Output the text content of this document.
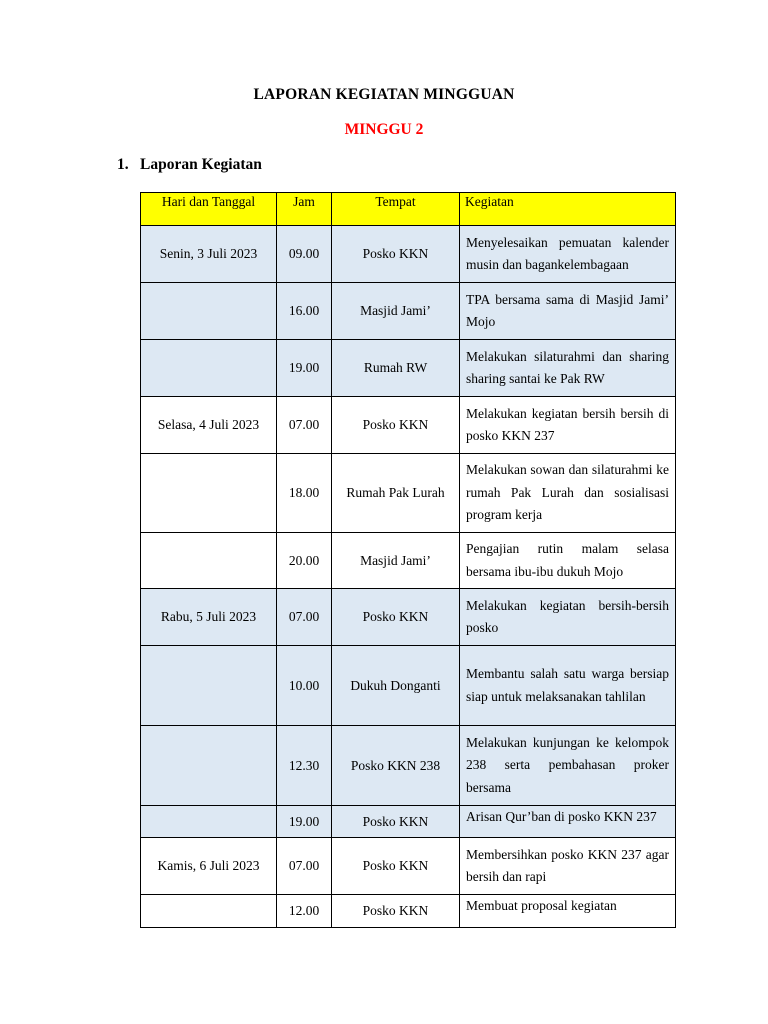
LAPORAN KEGIATAN MINGGUAN
MINGGU 2
1. Laporan Kegiatan
Hari dan Tanggal	Jam	Tempat	Kegiatan

Senin, 3 Juli 2023	09.00	Posko KKN	Menyelesaikan pemuatan kalender musin dan bagankelembagaan

	16.00	Masjid Jami’	TPA bersama sama di Masjid Jami’ Mojo

	19.00	Rumah RW	Melakukan silaturahmi dan sharing sharing santai ke Pak RW

Selasa, 4 Juli 2023	07.00	Posko KKN	Melakukan kegiatan bersih bersih di posko KKN 237

	18.00	Rumah Pak Lurah	Melakukan sowan dan silaturahmi ke rumah Pak Lurah dan sosialisasi program kerja

	20.00	Masjid Jami’	Pengajian rutin malam selasa bersama ibu-ibu dukuh Mojo

Rabu, 5 Juli 2023	07.00	Posko KKN	Melakukan kegiatan bersih-bersih posko

	10.00	Dukuh Donganti	Membantu salah satu warga bersiap siap untuk melaksanakan tahlilan

	12.30	Posko KKN 238	Melakukan kunjungan ke kelompok 238 serta pembahasan proker bersama

	19.00	Posko KKN	Arisan Qur’ban di posko KKN 237

Kamis, 6 Juli 2023	07.00	Posko KKN	Membersihkan posko KKN 237 agar bersih dan rapi

	12.00	Posko KKN	Membuat proposal kegiatan
